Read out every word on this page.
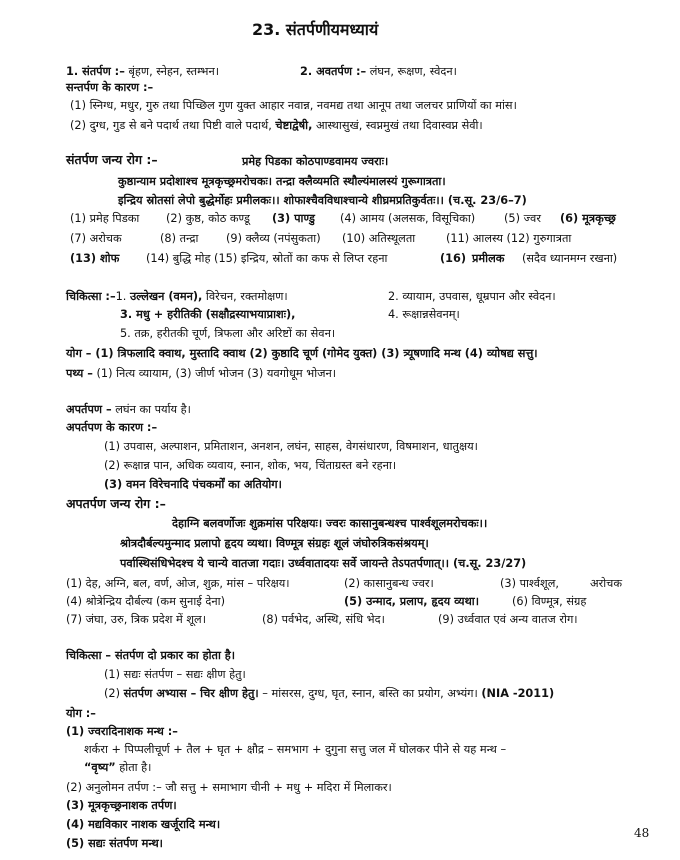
23. संतर्पणीयमध्यायं
1. संतर्पण :– बृंहण, स्नेहन, स्तम्भन।	2. अवतर्पण :– लंघन, रूक्षण, स्वेदन।
सन्तर्पण के कारण :–
(1) स्निग्ध, मधुर, गुरु तथा पिच्छिल गुण युक्त आहार नवान्न, नवमद्य तथा आनूप तथा जलचर प्राणियों का मांस।
(2) दुग्ध, गुड से बने पदार्थ तथा पिष्टी वाले पदार्थ, चेष्टाद्वेषी, आस्थासुखं, स्वप्नमुखं तथा दिवास्वप्न सेवी।
संतर्पण जन्य रोग :–	प्रमेह पिडका कोठपाण्डवामय ज्वराः।
कुष्ठान्याम प्रदोशाश्च मूत्रकृच्छ्रमरोचकः। तन्द्रा क्लैव्यमति स्थौल्यंमालस्यं गुरूगात्रता।
इन्द्रिय स्रोतसां लेपो बुद्धेर्मोहः प्रमीलकः।। शोफाश्चैवविधाश्चान्ये शीघ्रमप्रतिकुर्वतः।। (च.सू. 23/6–7)
(1) प्रमेह पिडका (2) कुष्ठ, कोठ कण्डू (3) पाण्डु (4) आमय (अलसक, विसूचिका)	(5) ज्वर (6) मूत्रकृच्छ्र
(7) अरोचक	(8) तन्द्रा (9) क्लैव्य (नपंसुकता) (10) अतिस्थूलता	(11) आलस्य (12) गुरुगात्रता
(13) शोफ (14) बुद्धि मोह (15) इन्द्रिय, स्रोतों का कफ से लिप्त रहना	(16) प्रमीलक (सदैव ध्यानमग्न रखना)
चिकित्सा :–1. उल्लेखन (वमन), विरेचन, रक्तमोक्षण।	2. व्यायाम, उपवास, धूम्रपान और स्वेदन।
3. मधु + हरीतिकी (सक्षौद्रस्याभयाप्राशः),	4. रूक्षान्नसेवनम्।
5. तक्र, हरीतकी चूर्ण, त्रिफला और अरिष्टों का सेवन।
योग – (1) त्रिफलादि क्वाथ, मुस्तादि क्वाथ (2) कुष्ठादि चूर्ण (गोमेद युक्त) (3) त्र्यूषणादि मन्थ (4) व्योषद्य सत्तु।
पथ्य – (1) नित्य व्यायाम, (3) जीर्ण भोजन (3) यवगोधूम भोजन।
अपर्तपण – लघंन का पर्याय है।
अपर्तपण के कारण :–
(1) उपवास, अल्पाशन, प्रमिताशन, अनशन, लघंन, साहस, वेगसंधारण, विषमाशन, धातुक्षय।
(2) रूक्षान्न पान, अधिक व्यवाय, स्नान, शोक, भय, चिंताग्रस्त बने रहना।
(3) वमन विरेचनादि पंचकर्मों का अतियोग।
अपतर्पण जन्य रोग :–
देहाग्नि बलवर्णोजः शुक्रमांस परिक्षयः। ज्वरः कासानुबन्धश्च पार्श्वशूलमरोचकः।।
श्रोत्रदौर्बल्यमुन्माद प्रलापो हृदय व्यथा। विण्मूत्र संग्रहः शूलं जंघोरुत्रिकसंश्रयम्।
पर्वास्थिसंधिभेदश्च ये चान्ये वातजा गदाः। उर्ध्ववातादयः सर्वे जायन्ते तेऽपतर्पणात्।। (च.सू. 23/27)
(1) देह, अग्नि, बल, वर्ण, ओज, शुक्र, मांस – परिक्षय।	(2) कासानुबन्ध ज्वर।	(3) पार्श्वशूल,	अरोचक
(4) श्रोत्रेन्द्रिय दौर्बल्य (कम सुनाई देना)	(5) उन्माद, प्रलाप, हृदय व्यथा।	(6) विण्मूत्र, संग्रह
(7) जंघा, उरु, त्रिक प्रदेश में शूल।	(8) पर्वभेद, अस्थि, संधि भेद।	(9) उर्ध्ववात एवं अन्य वातज रोग।
चिकित्सा – संतर्पण दो प्रकार का होता है।
(1) सद्यः संतर्पण – सद्यः क्षीण हेतु।
(2) संतर्पण अभ्यास – चिर क्षीण हेतु। – मांसरस, दुग्ध, घृत, स्नान, बस्ति का प्रयोग, अभ्यंग। (NIA -2011)
योग :–
(1) ज्वरादिनाशक मन्थ :–
शर्करा + पिप्पलीचूर्ण + तैल + घृत + क्षौद्र – समभाग + दुगुना सत्तु जल में घोलकर पीने से यह मन्थ –
“वृष्य” होता है।
(2) अनुलोमन तर्पण :– जौ सत्तु + समाभाग चीनी + मधु + मदिरा में मिलाकर।
(3) मूत्रकृच्छ्रनाशक तर्पण।
(4) मद्यविकार नाशक खर्जूरादि मन्थ।
(5) सद्यः संतर्पण मन्थ।
48
